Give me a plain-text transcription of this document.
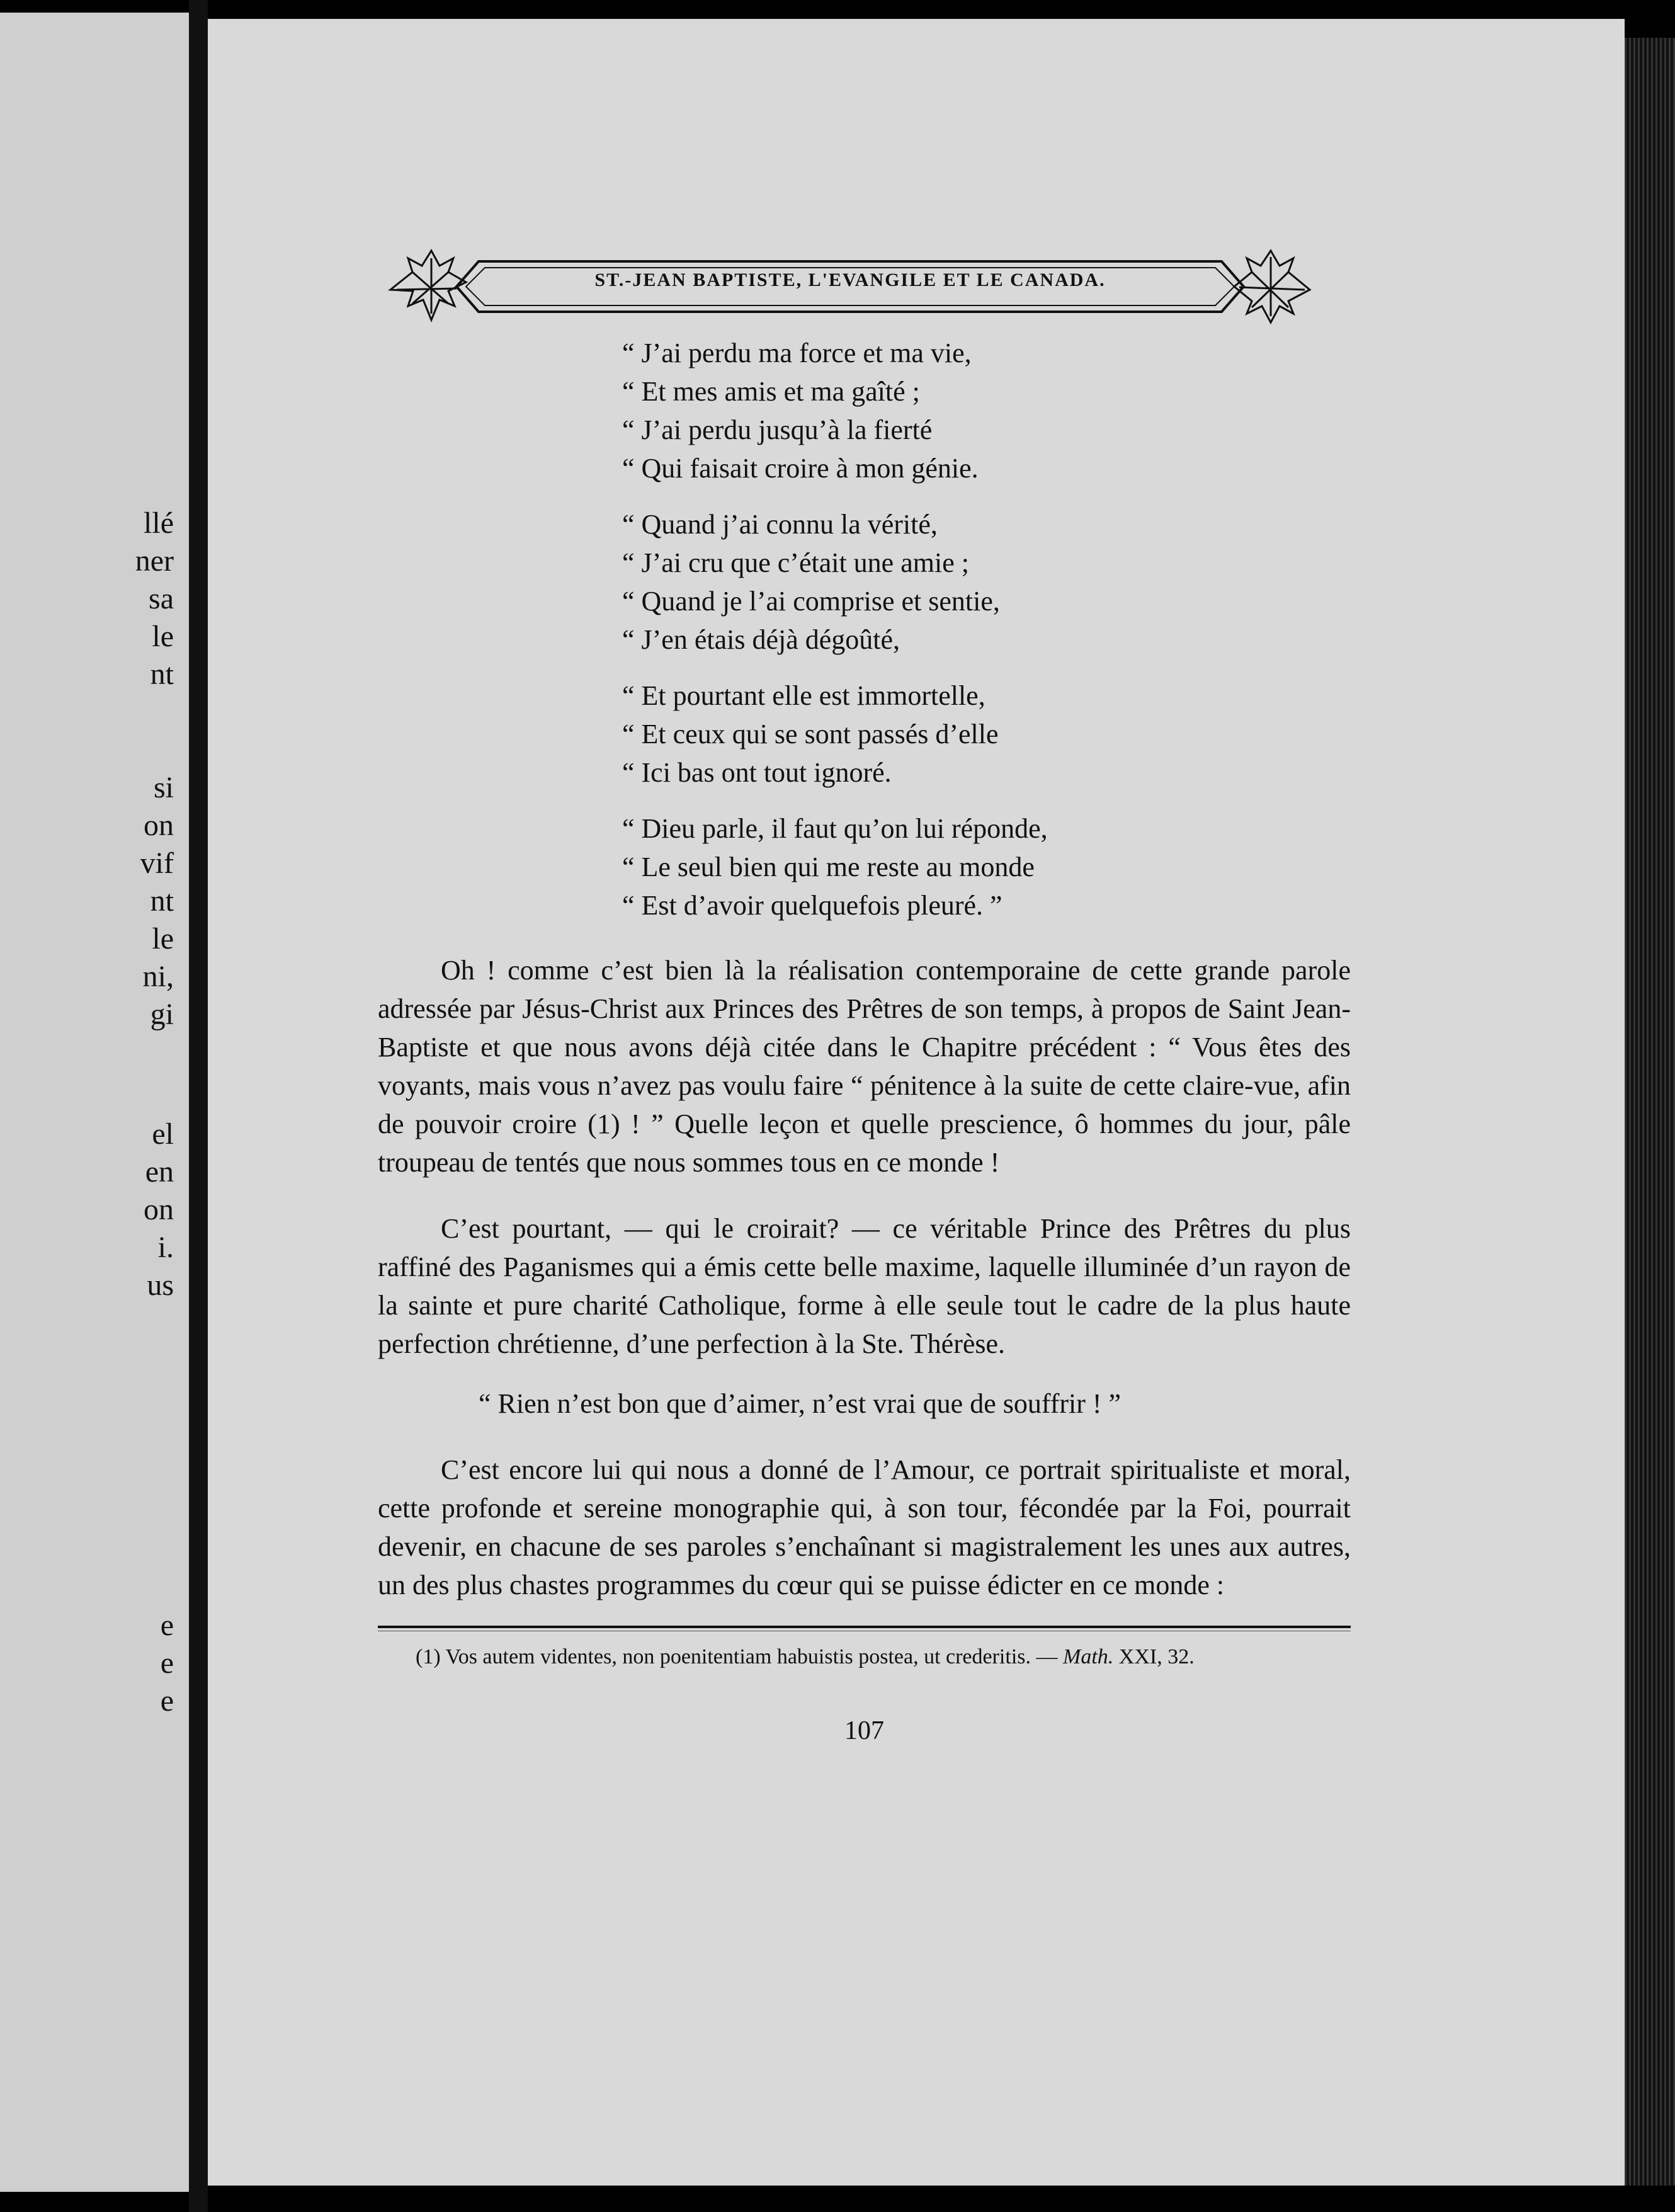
llé
ner
sa
le
nt
si
on
vif
nt
le
ni,
gi
el
en
on
i.
us
e
e
e
ST.-JEAN BAPTISTE, L'EVANGILE ET LE CANADA.
“ J’ai perdu ma force et ma vie,
“ Et mes amis et ma gaîté ;
“ J’ai perdu jusqu’à la fierté
“ Qui faisait croire à mon génie.
“ Quand j’ai connu la vérité,
“ J’ai cru que c’était une amie ;
“ Quand je l’ai comprise et sentie,
“ J’en étais déjà dégoûté,
“ Et pourtant elle est immortelle,
“ Et ceux qui se sont passés d’elle
“ Ici bas ont tout ignoré.
“ Dieu parle, il faut qu’on lui réponde,
“ Le seul bien qui me reste au monde
“ Est d’avoir quelquefois pleuré. ”

Oh ! comme c’est bien là la réalisation contemporaine de cette grande parole adressée par Jésus-Christ aux Princes des Prêtres de son temps, à propos de Saint Jean-Baptiste et que nous avons déjà citée dans le Chapitre précédent : “ Vous êtes des voyants, mais vous n’avez pas voulu faire “ pénitence à la suite de cette claire-vue, afin de pouvoir croire (1) ! ” Quelle leçon et quelle prescience, ô hommes du jour, pâle troupeau de tentés que nous sommes tous en ce monde !

C’est pourtant, — qui le croirait? — ce véritable Prince des Prêtres du plus raffiné des Paganismes qui a émis cette belle maxime, laquelle illuminée d’un rayon de la sainte et pure charité Catholique, forme à elle seule tout le cadre de la plus haute perfection chrétienne, d’une perfection à la Ste. Thérèse.

“ Rien n’est bon que d’aimer, n’est vrai que de souffrir ! ”

C’est encore lui qui nous a donné de l’Amour, ce portrait spiritualiste et moral, cette profonde et sereine monographie qui, à son tour, fécondée par la Foi, pourrait devenir, en chacune de ses paroles s’enchaînant si magistralement les unes aux autres, un des plus chastes programmes du cœur qui se puisse édicter en ce monde :

(1) Vos autem videntes, non poenitentiam habuistis postea, ut crederitis. — Math. XXI, 32.
107
